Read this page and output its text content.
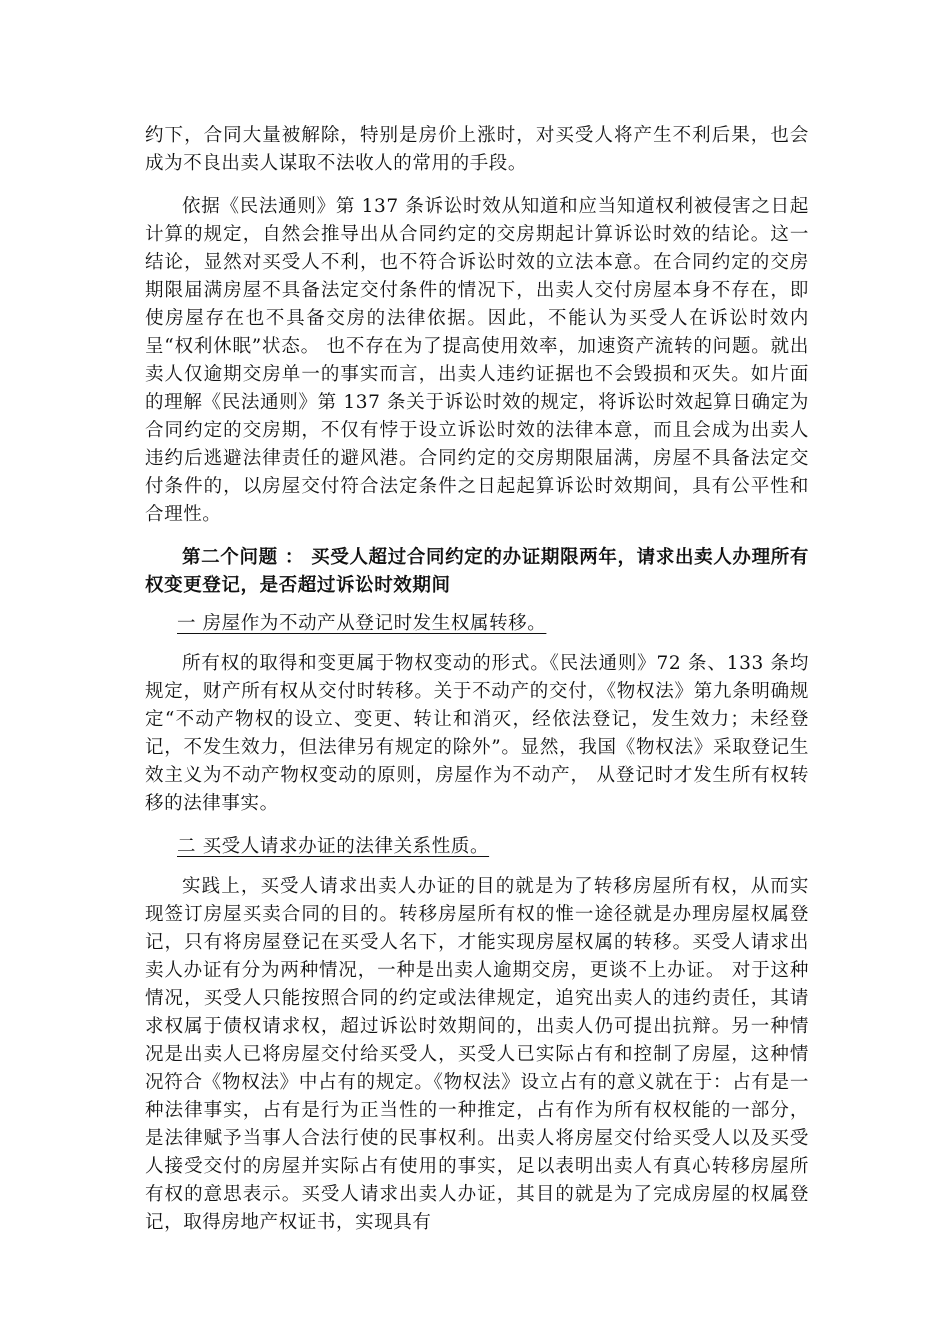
约下，合同大量被解除，特别是房价上涨时，对买受人将产生不利后果，也会成为不良出卖人谋取不法收人的常用的手段。

依据《民法通则》第 137 条诉讼时效从知道和应当知道权利被侵害之日起计算的规定，自然会推导出从合同约定的交房期起计算诉讼时效的结论。这一结论，显然对买受人不利，也不符合诉讼时效的立法本意。在合同约定的交房期限届满房屋不具备法定交付条件的情况下，出卖人交付房屋本身不存在，即使房屋存在也不具备交房的法律依据。因此，不能认为买受人在诉讼时效内呈“权利休眠”状态。 也不存在为了提高使用效率，加速资产流转的问题。就出卖人仅逾期交房单一的事实而言，出卖人违约证据也不会毁损和灭失。如片面的理解《民法通则》第 137 条关于诉讼时效的规定，将诉讼时效起算日确定为合同约定的交房期，不仅有悖于设立诉讼时效的法律本意，而且会成为出卖人违约后逃避法律责任的避风港。合同约定的交房期限届满，房屋不具备法定交付条件的，以房屋交付符合法定条件之日起起算诉讼时效期间，具有公平性和合理性。

第二个问题 ： 买受人超过合同约定的办证期限两年，请求出卖人办理所有权变更登记，是否超过诉讼时效期间

一 房屋作为不动产从登记时发生权属转移。

所有权的取得和变更属于物权变动的形式。《民法通则》72 条、133 条均规定，财产所有权从交付时转移。关于不动产的交付，《物权法》第九条明确规定“不动产物权的设立、变更、转让和消灭，经依法登记，发生效力；未经登记，不发生效力，但法律另有规定的除外”。显然，我国《物权法》采取登记生效主义为不动产物权变动的原则，房屋作为不动产， 从登记时才发生所有权转移的法律事实。

二 买受人请求办证的法律关系性质。

实践上，买受人请求出卖人办证的目的就是为了转移房屋所有权，从而实现签订房屋买卖合同的目的。转移房屋所有权的惟一途径就是办理房屋权属登记，只有将房屋登记在买受人名下，才能实现房屋权属的转移。买受人请求出卖人办证有分为两种情况，一种是出卖人逾期交房，更谈不上办证。 对于这种情况，买受人只能按照合同的约定或法律规定，追究出卖人的违约责任，其请求权属于债权请求权，超过诉讼时效期间的，出卖人仍可提出抗辩。另一种情况是出卖人已将房屋交付给买受人，买受人已实际占有和控制了房屋，这种情况符合《物权法》中占有的规定。《物权法》设立占有的意义就在于：占有是一种法律事实，占有是行为正当性的一种推定，占有作为所有权权能的一部分，是法律赋予当事人合法行使的民事权利。出卖人将房屋交付给买受人以及买受人接受交付的房屋并实际占有使用的事实，足以表明出卖人有真心转移房屋所有权的意思表示。买受人请求出卖人办证，其目的就是为了完成房屋的权属登记，取得房地产权证书，实现具有
